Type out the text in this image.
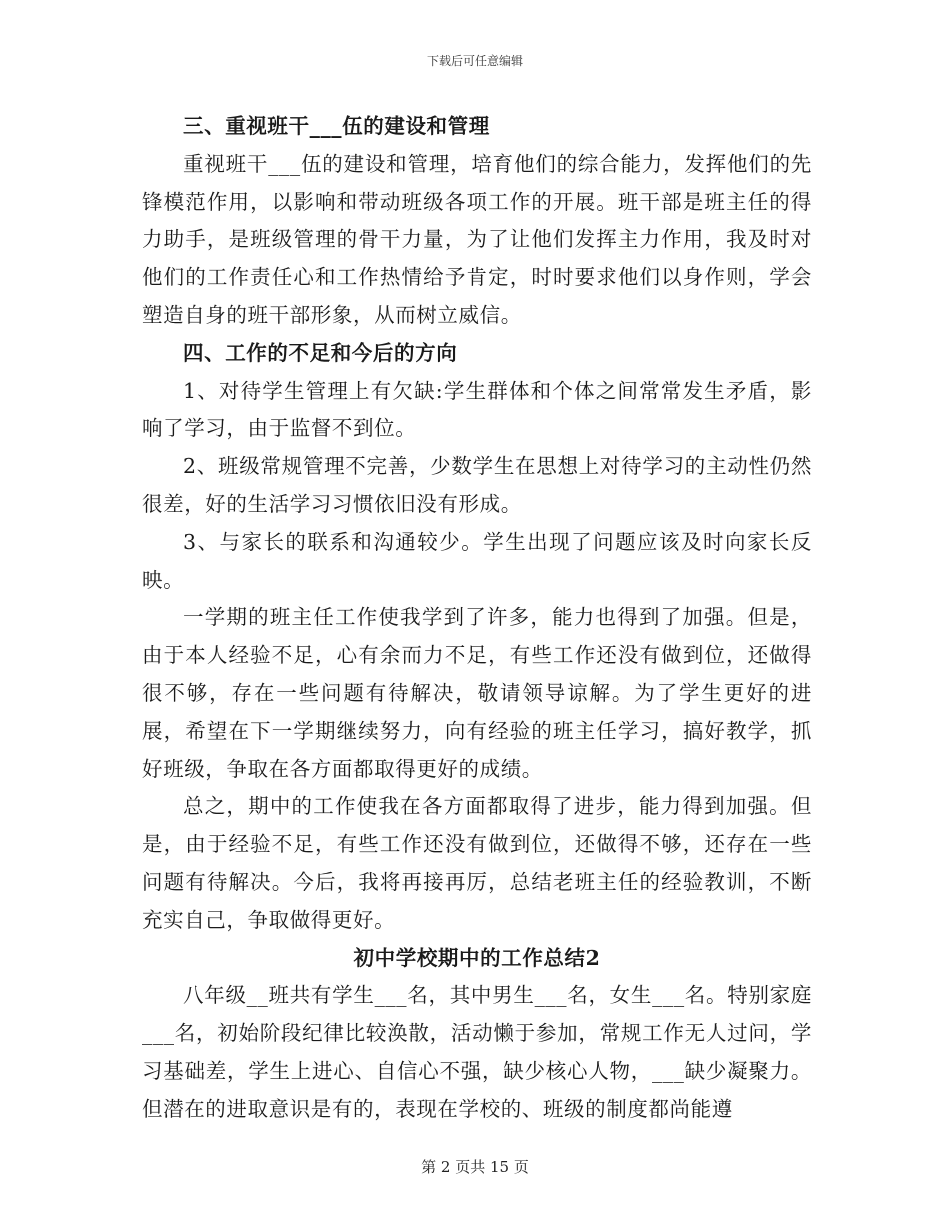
下载后可任意编辑

三、重视班干___伍的建设和管理

重视班干___伍的建设和管理，培育他们的综合能力，发挥他们的先锋模范作用，以影响和带动班级各项工作的开展。班干部是班主任的得力助手，是班级管理的骨干力量，为了让他们发挥主力作用，我及时对他们的工作责任心和工作热情给予肯定，时时要求他们以身作则，学会塑造自身的班干部形象，从而树立威信。

四、工作的不足和今后的方向

1、对待学生管理上有欠缺:学生群体和个体之间常常发生矛盾，影响了学习，由于监督不到位。

2、班级常规管理不完善，少数学生在思想上对待学习的主动性仍然很差，好的生活学习习惯依旧没有形成。

3、与家长的联系和沟通较少。学生出现了问题应该及时向家长反映。

一学期的班主任工作使我学到了许多，能力也得到了加强。但是，由于本人经验不足，心有余而力不足，有些工作还没有做到位，还做得很不够，存在一些问题有待解决，敬请领导谅解。为了学生更好的进展，希望在下一学期继续努力，向有经验的班主任学习，搞好教学，抓好班级，争取在各方面都取得更好的成绩。

总之，期中的工作使我在各方面都取得了进步，能力得到加强。但是，由于经验不足，有些工作还没有做到位，还做得不够，还存在一些问题有待解决。今后，我将再接再厉，总结老班主任的经验教训，不断充实自己，争取做得更好。

初中学校期中的工作总结2

八年级__班共有学生___名，其中男生___名，女生___名。特别家庭___名，初始阶段纪律比较涣散，活动懒于参加，常规工作无人过问，学习基础差，学生上进心、自信心不强，缺少核心人物，___缺少凝聚力。但潜在的进取意识是有的，表现在学校的、班级的制度都尚能遵

第 2 页共 15 页
